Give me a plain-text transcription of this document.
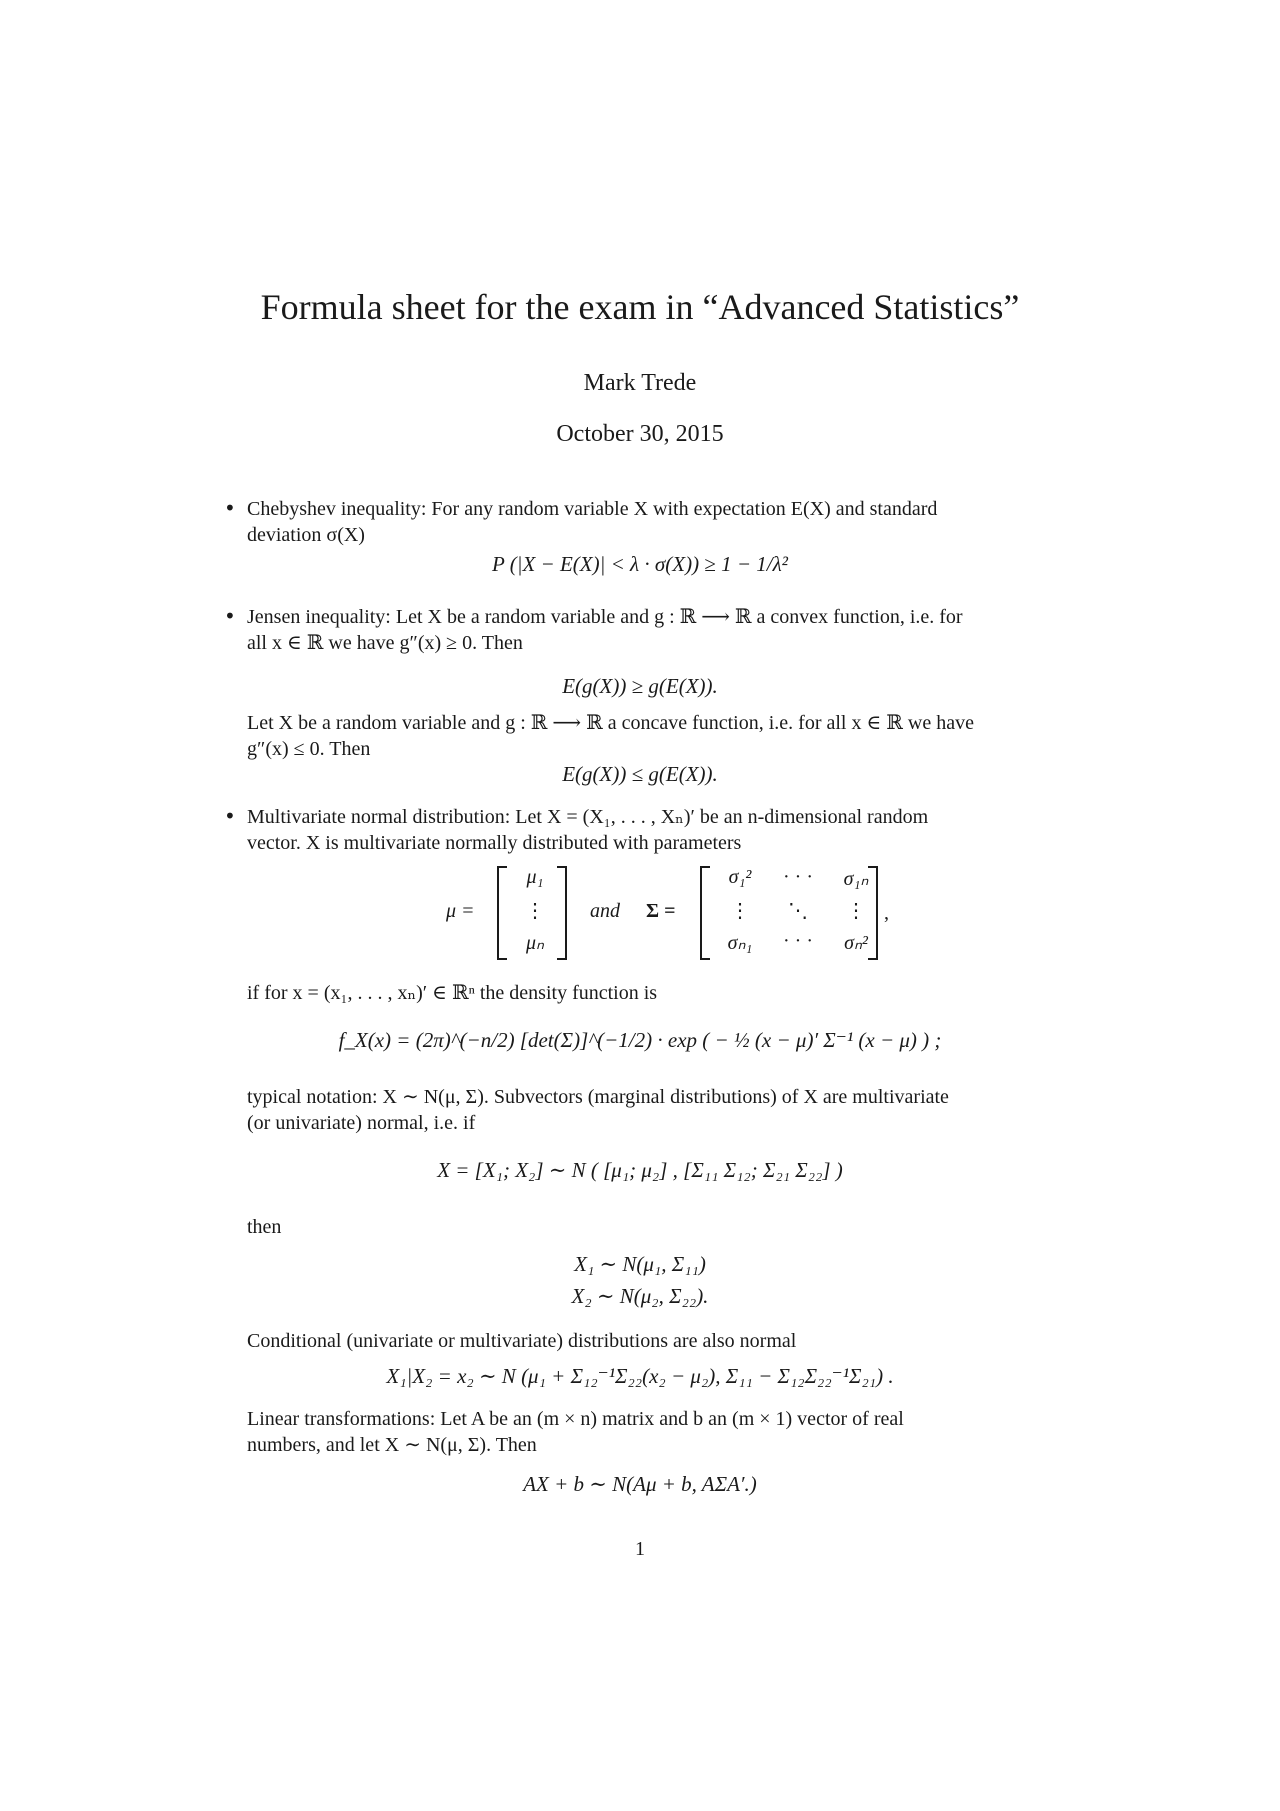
Formula sheet for the exam in “Advanced Statistics”
Mark Trede
October 30, 2015
• Chebyshev inequality: For any random variable X with expectation E(X) and standard
deviation σ(X)
P (|X − E(X)| < λ · σ(X)) ≥ 1 − 1/λ²
• Jensen inequality: Let X be a random variable and g : ℝ ⟶ ℝ a convex function, i.e. for
all x ∈ ℝ we have g″(x) ≥ 0. Then
E(g(X)) ≥ g(E(X)).
Let X be a random variable and g : ℝ ⟶ ℝ a concave function, i.e. for all x ∈ ℝ we have
g″(x) ≤ 0. Then
E(g(X)) ≤ g(E(X)).
• Multivariate normal distribution: Let X = (X₁, . . . , Xₙ)′ be an n-dimensional random
vector. X is multivariate normally distributed with parameters
μ =
μ₁
⋮
μₙ
and Σ =
σ₁²	· · ·	σ₁ₙ
⋮	⋱	⋮
σₙ₁	· · ·	σₙ²
,
if for x = (x₁, . . . , xₙ)′ ∈ ℝⁿ the density function is
f_X(x) = (2π)^(−n/2) [det(Σ)]^(−1/2) · exp ( − ½ (x − μ)′ Σ⁻¹ (x − μ) ) ;
typical notation: X ∼ N(μ, Σ). Subvectors (marginal distributions) of X are multivariate
(or univariate) normal, i.e. if
X = [X₁; X₂] ∼ N ( [μ₁; μ₂] , [Σ₁₁ Σ₁₂; Σ₂₁ Σ₂₂] )
then
X₁ ∼ N(μ₁, Σ₁₁)
X₂ ∼ N(μ₂, Σ₂₂).
Conditional (univariate or multivariate) distributions are also normal
X₁|X₂ = x₂ ∼ N (μ₁ + Σ₁₂⁻¹Σ₂₂(x₂ − μ₂), Σ₁₁ − Σ₁₂Σ₂₂⁻¹Σ₂₁) .
Linear transformations: Let A be an (m × n) matrix and b an (m × 1) vector of real
numbers, and let X ∼ N(μ, Σ). Then
AX + b ∼ N(Aμ + b, AΣA′.)
1
